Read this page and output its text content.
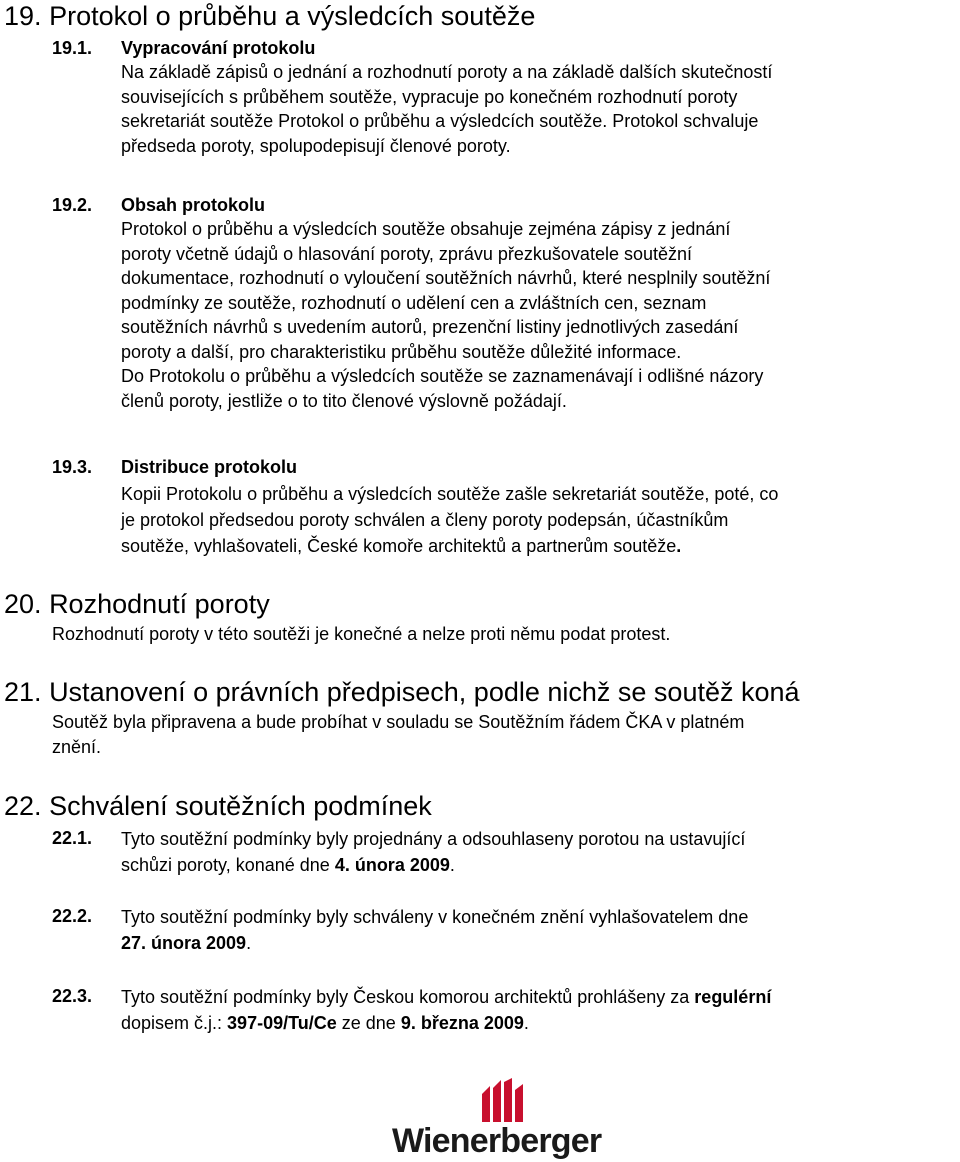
19. Protokol o průběhu a výsledcích soutěže
19.1. Vypracování protokolu
Na základě zápisů o jednání a rozhodnutí poroty a na základě dalších skutečností
souvisejících s průběhem soutěže, vypracuje po konečném rozhodnutí poroty
sekretariát soutěže Protokol o průběhu a výsledcích soutěže. Protokol schvaluje
předseda poroty, spolupodepisují členové poroty.
19.2. Obsah protokolu
Protokol o průběhu a výsledcích soutěže obsahuje zejména zápisy z jednání
poroty včetně údajů o hlasování poroty, zprávu přezkušovatele soutěžní
dokumentace, rozhodnutí o vyloučení soutěžních návrhů, které nesplnily soutěžní
podmínky ze soutěže, rozhodnutí o udělení cen a zvláštních cen, seznam
soutěžních návrhů s uvedením autorů, prezenční listiny jednotlivých zasedání
poroty a další, pro charakteristiku průběhu soutěže důležité informace.
Do Protokolu o průběhu a výsledcích soutěže se zaznamenávají i odlišné názory
členů poroty, jestliže o to tito členové výslovně požádají.
19.3. Distribuce protokolu
Kopii Protokolu o průběhu a výsledcích soutěže zašle sekretariát soutěže, poté, co
je protokol předsedou poroty schválen a členy poroty podepsán, účastníkům
soutěže, vyhlašovateli, České komoře architektů a partnerům soutěže.
20. Rozhodnutí poroty
Rozhodnutí poroty v této soutěži je konečné a nelze proti němu podat protest.
21. Ustanovení o právních předpisech, podle nichž se soutěž koná
Soutěž byla připravena a bude probíhat v souladu se Soutěžním řádem ČKA v platném
znění.
22. Schválení soutěžních podmínek
22.1. Tyto soutěžní podmínky byly projednány a odsouhlaseny porotou na ustavující
schůzi poroty, konané dne 4. února 2009.
22.2. Tyto soutěžní podmínky byly schváleny v konečném znění vyhlašovatelem dne
27. února 2009.
22.3. Tyto soutěžní podmínky byly Českou komorou architektů prohlášeny za regulérní
dopisem č.j.: 397-09/Tu/Ce ze dne 9. března 2009.
Wienerberger
